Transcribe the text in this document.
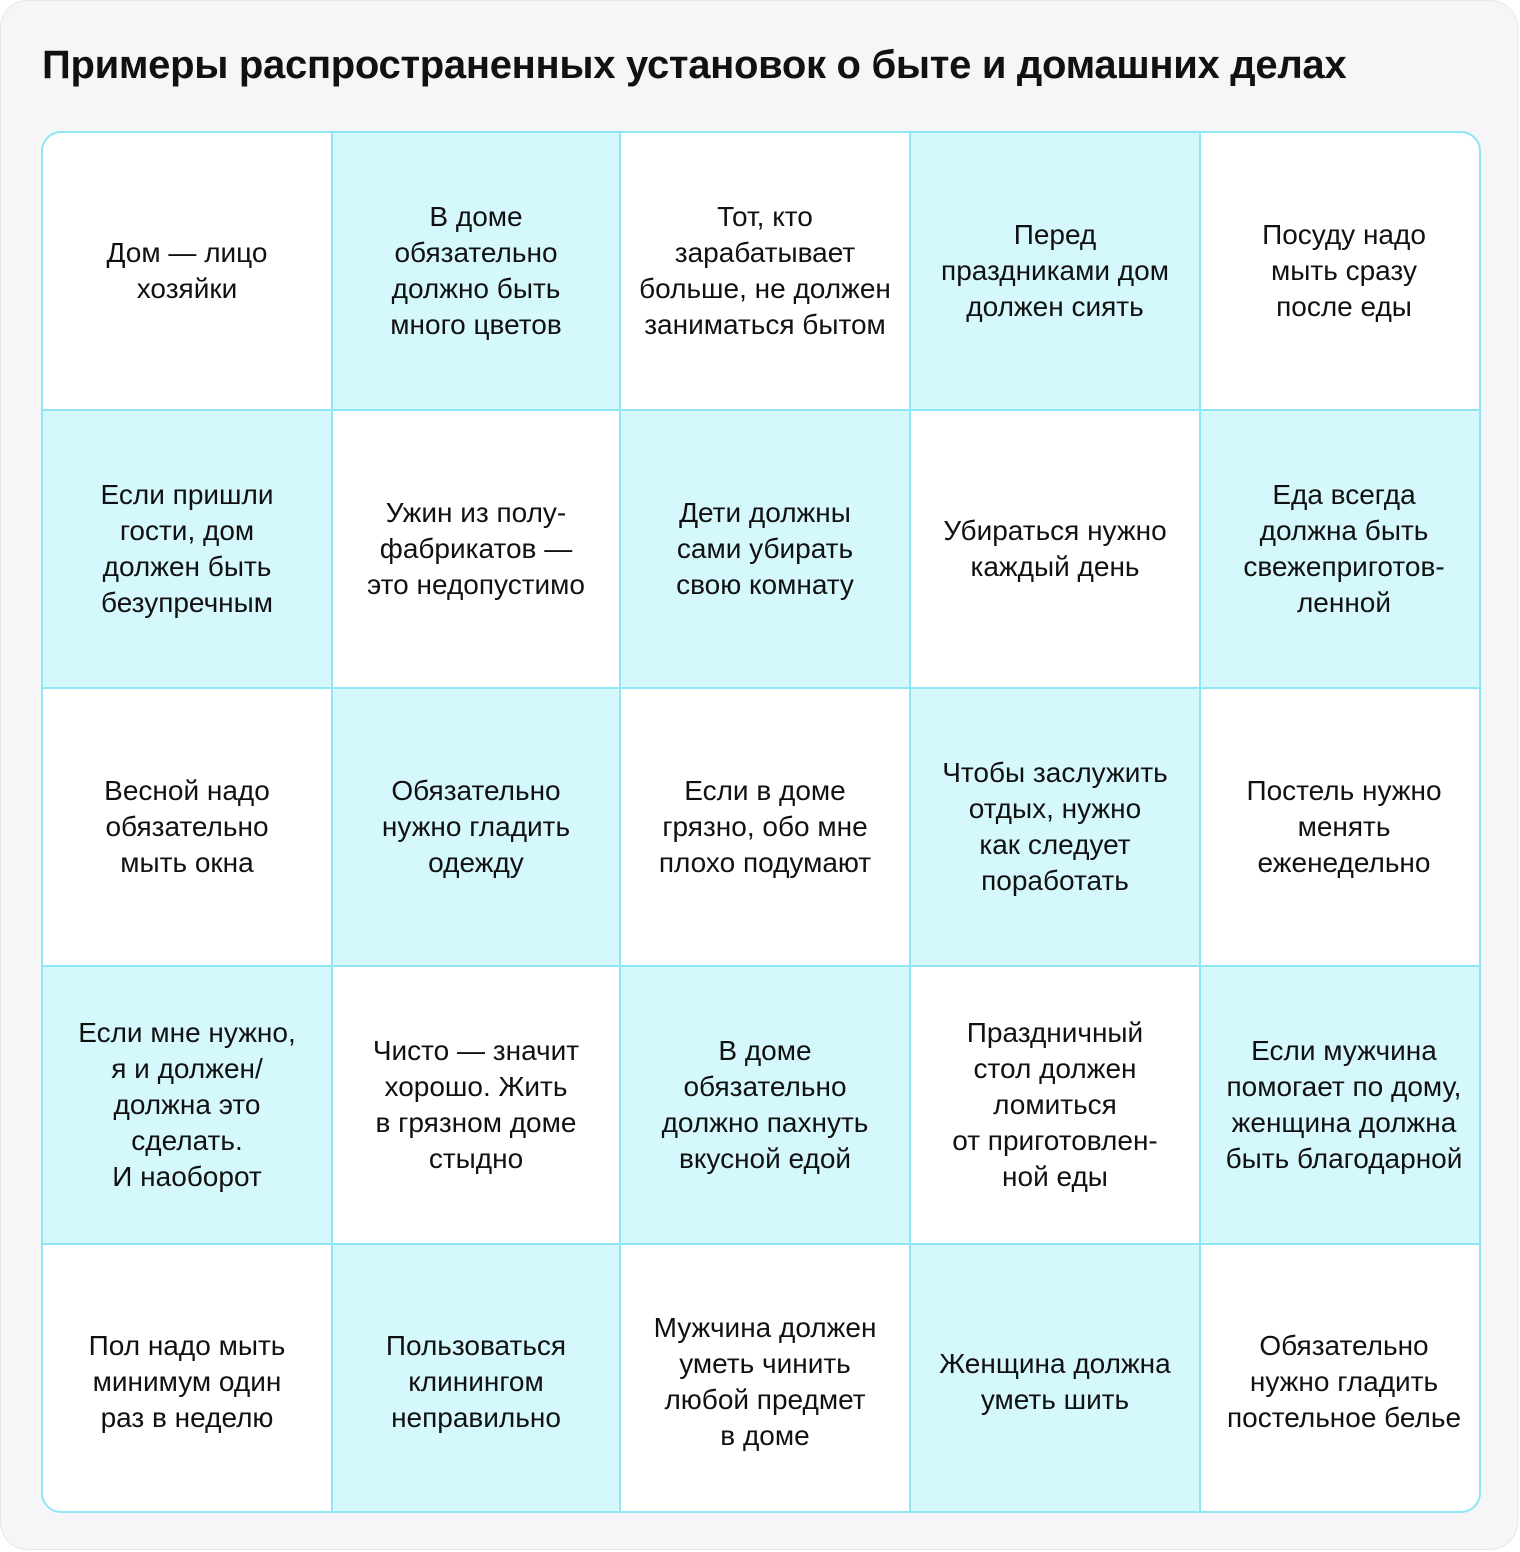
Примеры распространенных установок о быте и домашних делах
Дом — лицо
хозяйки
В доме
обязательно
должно быть
много цветов
Тот, кто
зарабатывает
больше, не должен
заниматься бытом
Перед
праздниками дом
должен сиять
Посуду надо
мыть сразу
после еды
Если пришли
гости, дом
должен быть
безупречным
Ужин из полу-
фабрикатов —
это недопустимо
Дети должны
сами убирать
свою комнату
Убираться нужно
каждый день
Еда всегда
должна быть
свежеприготов-
ленной
Весной надо
обязательно
мыть окна
Обязательно
нужно гладить
одежду
Если в доме
грязно, обо мне
плохо подумают
Чтобы заслужить
отдых, нужно
как следует
поработать
Постель нужно
менять
еженедельно
Если мне нужно,
я и должен/
должна это
сделать.
И наоборот
Чисто — значит
хорошо. Жить
в грязном доме
стыдно
В доме
обязательно
должно пахнуть
вкусной едой
Праздничный
стол должен
ломиться
от приготовлен-
ной еды
Если мужчина
помогает по дому,
женщина должна
быть благодарной
Пол надо мыть
минимум один
раз в неделю
Пользоваться
клинингом
неправильно
Мужчина должен
уметь чинить
любой предмет
в доме
Женщина должна
уметь шить
Обязательно
нужно гладить
постельное белье
